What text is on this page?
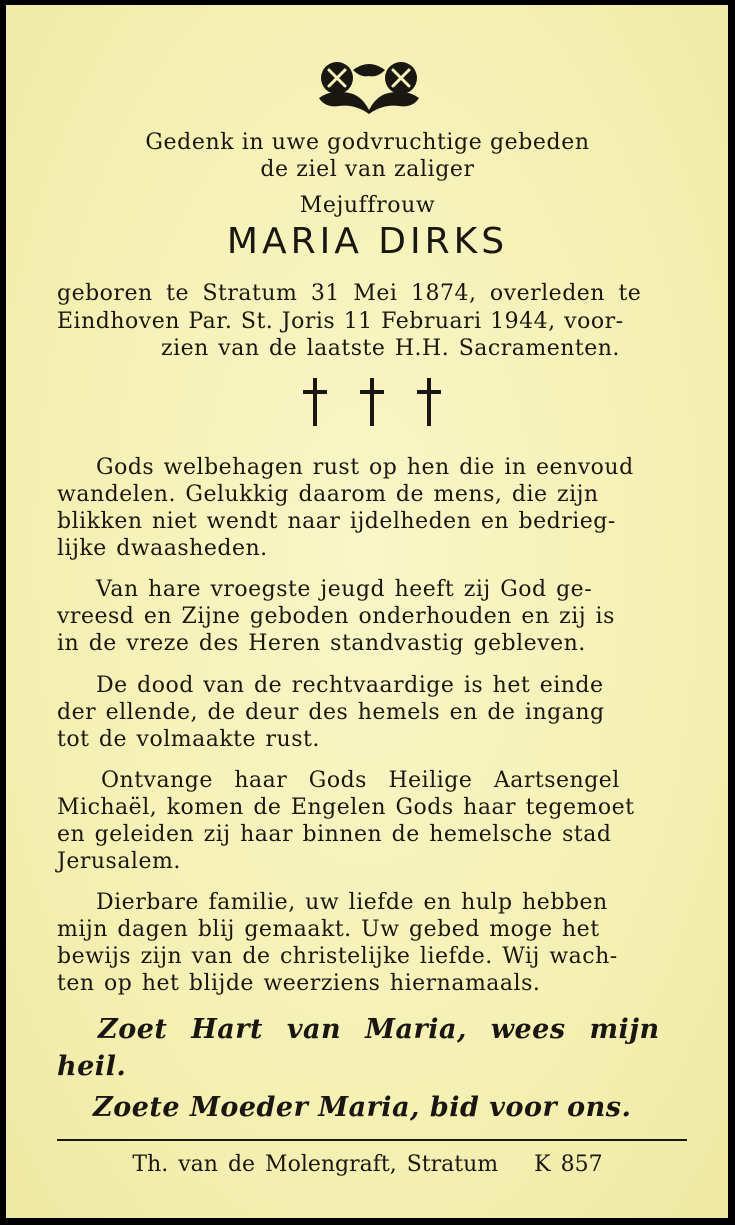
Gedenk in uwe godvruchtige gebeden
de ziel van zaliger
Mejuffrouw
MARIA DIRKS
geboren te Stratum 31 Mei 1874, overleden te
Eindhoven Par. St. Joris 11 Februari 1944, voor-
zien van de laatste H.H. Sacramenten.
Gods welbehagen rust op hen die in eenvoud
wandelen. Gelukkig daarom de mens, die zijn
blikken niet wendt naar ijdelheden en bedrieg-
lijke dwaasheden.
Van hare vroegste jeugd heeft zij God ge-
vreesd en Zijne geboden onderhouden en zij is
in de vreze des Heren standvastig gebleven.
De dood van de rechtvaardige is het einde
der ellende, de deur des hemels en de ingang
tot de volmaakte rust.
Ontvange haar Gods Heilige Aartsengel
Michaël, komen de Engelen Gods haar tegemoet
en geleiden zij haar binnen de hemelsche stad
Jerusalem.
Dierbare familie, uw liefde en hulp hebben
mijn dagen blij gemaakt. Uw gebed moge het
bewijs zijn van de christelijke liefde. Wij wach-
ten op het blijde weerziens hiernamaals.
Zoet Hart van Maria, wees mijn
heil.
Zoete Moeder Maria, bid voor ons.
Th. van de Molengraft, Stratum K 857
